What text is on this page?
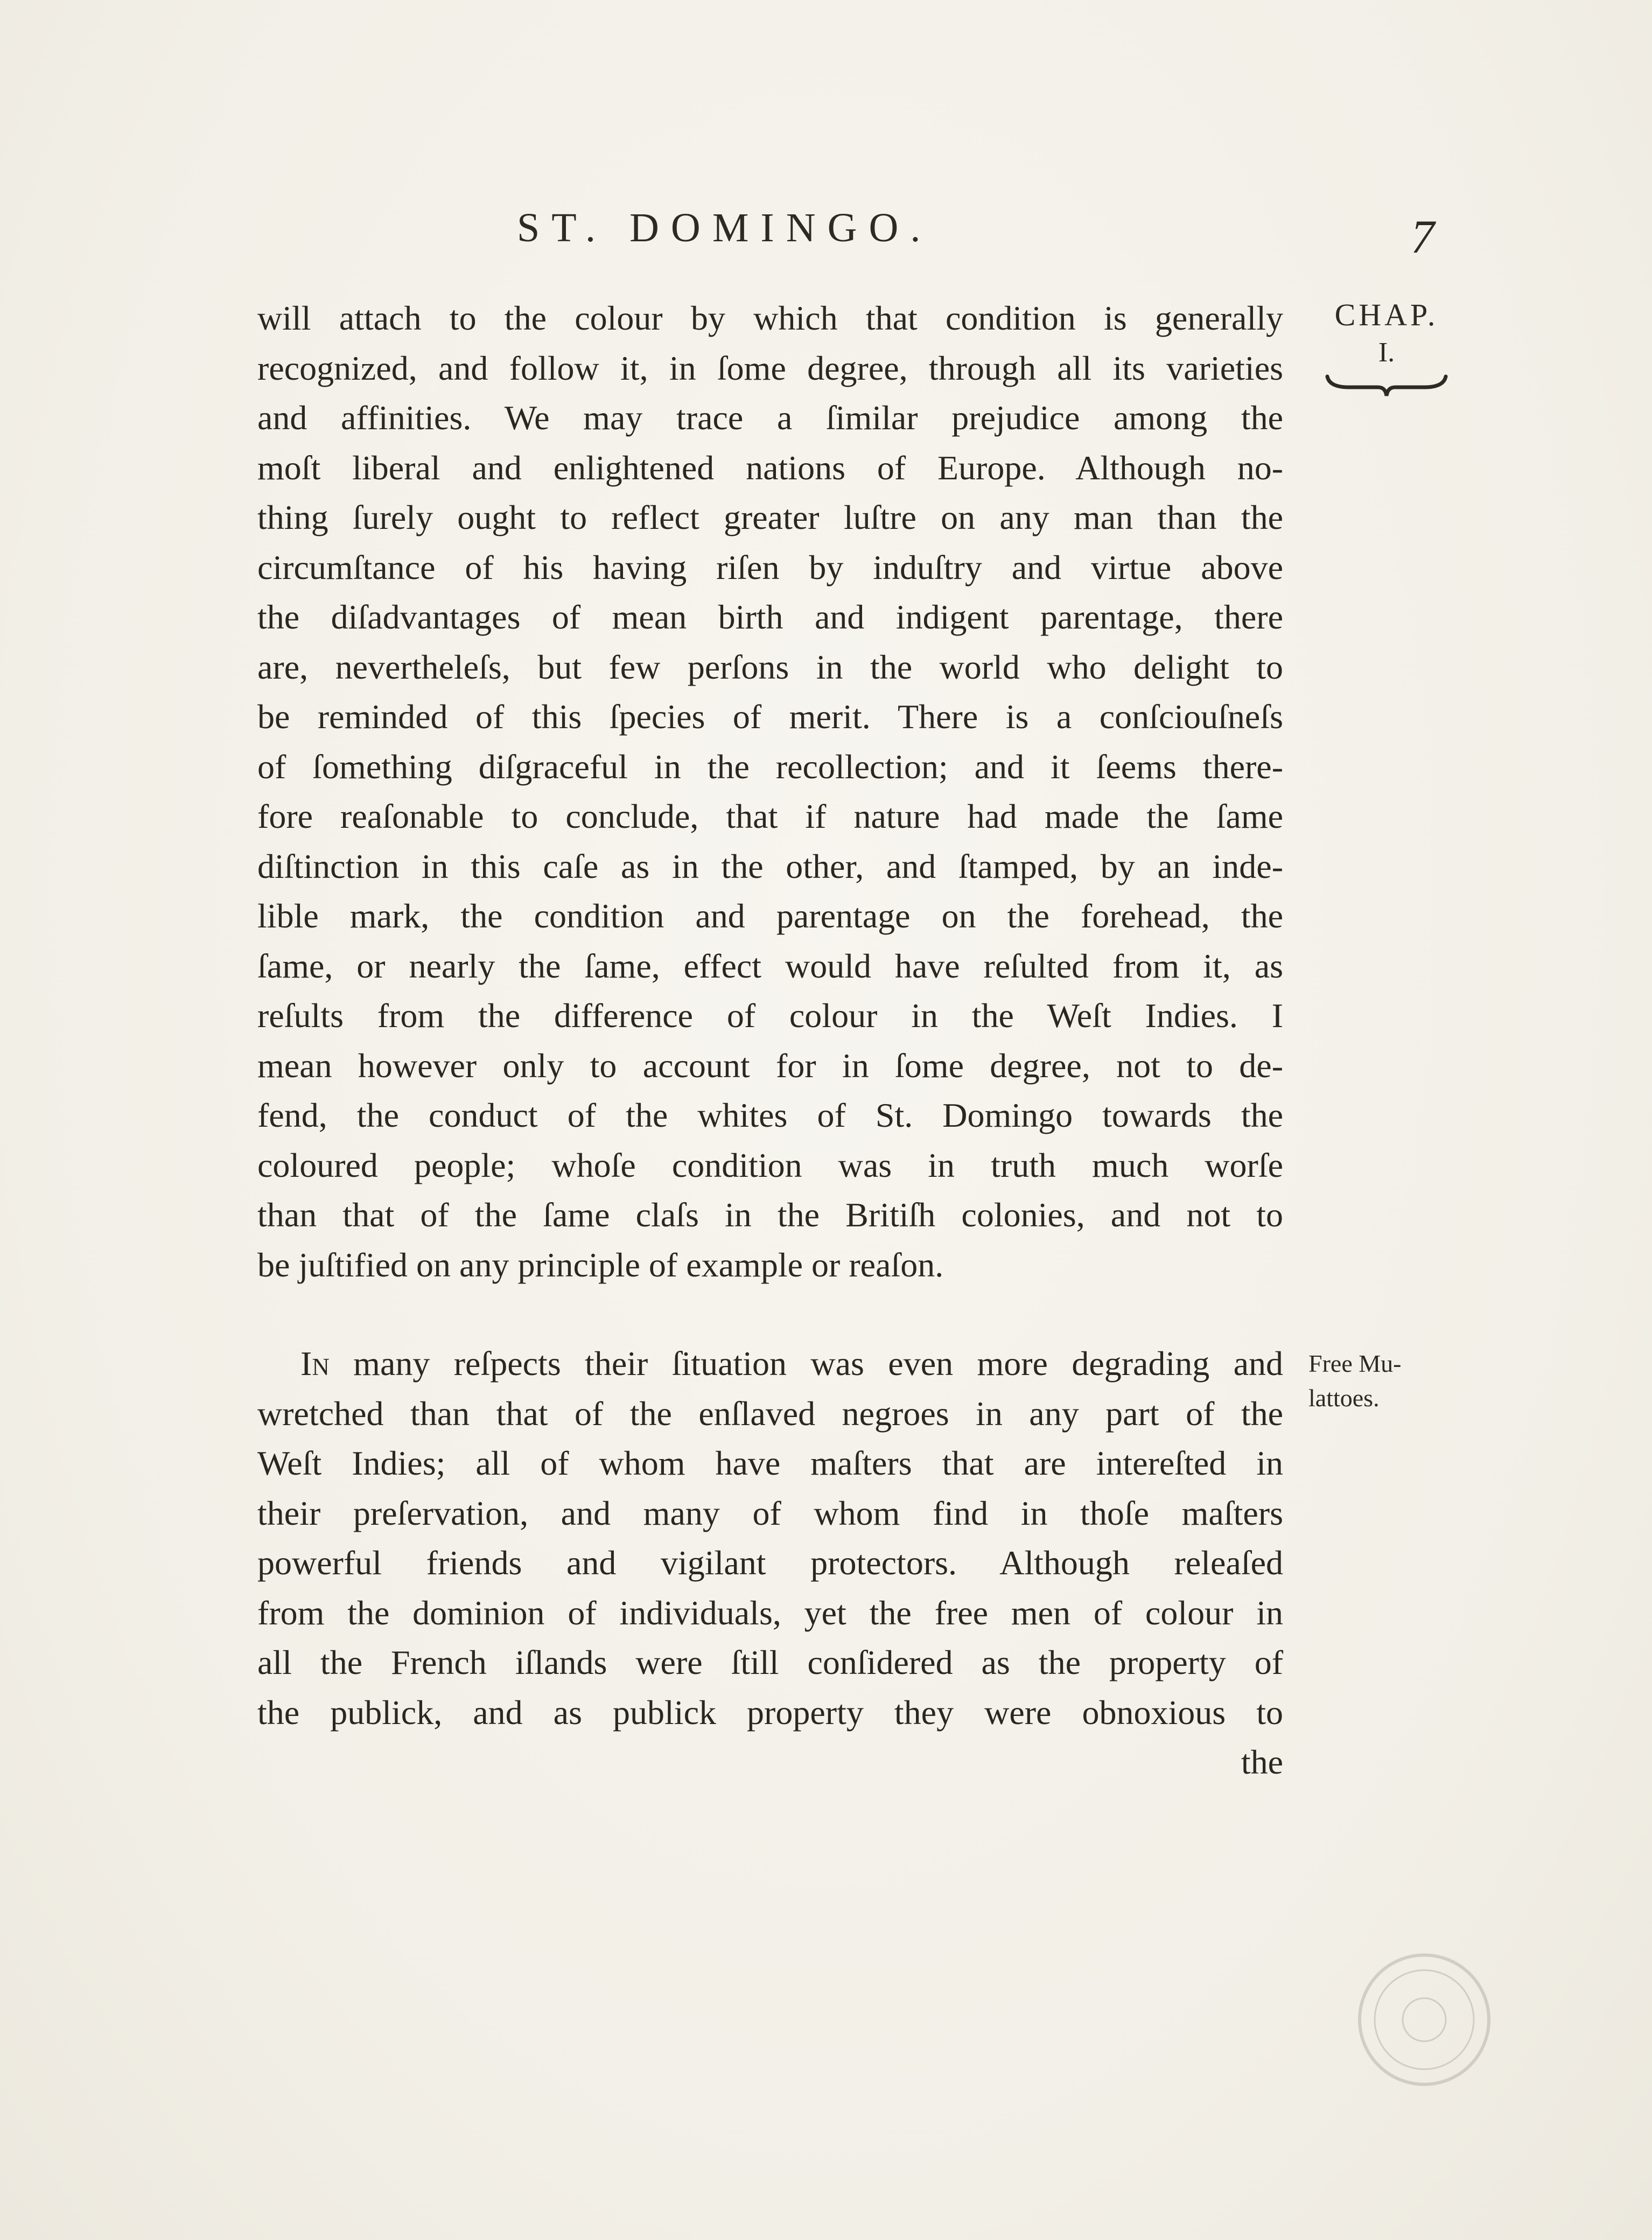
ST. DOMINGO.	7
CHAP.
I.
will attach to the colour by which that condition is generally
recognized, and follow it, in ſome degree, through all its varieties
and affinities. We may trace a ſimilar prejudice among the
moſt liberal and enlightened nations of Europe. Although no-
thing ſurely ought to reflect greater luſtre on any man than the
circumſtance of his having riſen by induſtry and virtue above
the diſadvantages of mean birth and indigent parentage, there
are, nevertheleſs, but few perſons in the world who delight to
be reminded of this ſpecies of merit. There is a conſciouſneſs
of ſomething diſgraceful in the recollection; and it ſeems there-
fore reaſonable to conclude, that if nature had made the ſame
diſtinction in this caſe as in the other, and ſtamped, by an inde-
lible mark, the condition and parentage on the forehead, the
ſame, or nearly the ſame, effect would have reſulted from it, as
reſults from the difference of colour in the Weſt Indies. I
mean however only to account for in ſome degree, not to de-
fend, the conduct of the whites of St. Domingo towards the
coloured people; whoſe condition was in truth much worſe
than that of the ſame claſs in the Britiſh colonies, and not to
be juſtified on any principle of example or reaſon.
Free Mu-
lattoes.
In many reſpects their ſituation was even more degrading and
wretched than that of the enſlaved negroes in any part of the
Weſt Indies; all of whom have maſters that are intereſted in
their preſervation, and many of whom find in thoſe maſters
powerful friends and vigilant protectors. Although releaſed
from the dominion of individuals, yet the free men of colour in
all the French iſlands were ſtill conſidered as the property of
the publick, and as publick property they were obnoxious to
the
